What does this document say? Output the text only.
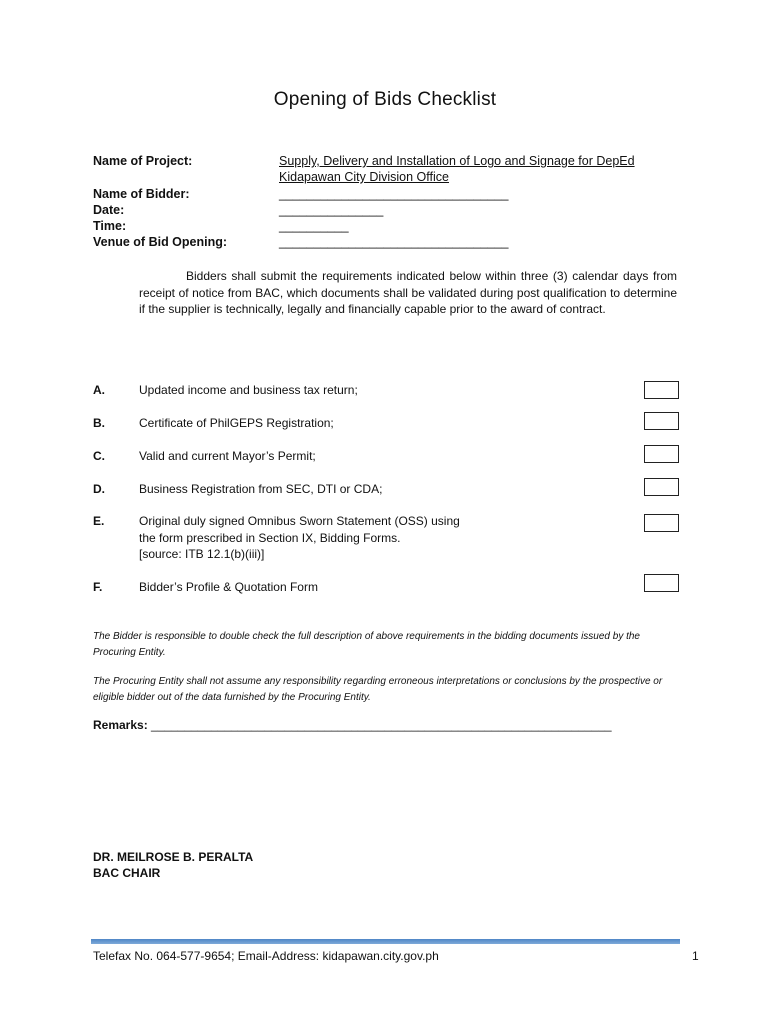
Opening of Bids Checklist
Name of Project:	Supply, Delivery and Installation of Logo and Signage for DepEd
Kidapawan City Division Office
Name of Bidder:	_________________________________
Date:	_______________
Time:	__________
Venue of Bid Opening:	_________________________________
Bidders shall submit the requirements indicated below within three (3) calendar days from receipt of notice from BAC, which documents shall be validated during post qualification to determine if the supplier is technically, legally and financially capable prior to the award of contract.
A.	Updated income and business tax return;
B.	Certificate of PhilGEPS Registration;
C.	Valid and current Mayor’s Permit;
D.	Business Registration from SEC, DTI or CDA;
E.	Original duly signed Omnibus Sworn Statement (OSS) using
the form prescribed in Section IX, Bidding Forms.
[source: ITB 12.1(b)(iii)]
F.	Bidder’s Profile & Quotation Form
The Bidder is responsible to double check the full description of above requirements in the bidding documents issued by the Procuring Entity.
The Procuring Entity shall not assume any responsibility regarding erroneous interpretations or conclusions by the prospective or eligible bidder out of the data furnished by the Procuring Entity.
Remarks: _____________________________________________________________________
DR. MEILROSE B. PERALTA
BAC CHAIR
Telefax No. 064-577-9654; Email-Address: kidapawan.city.gov.ph	1
